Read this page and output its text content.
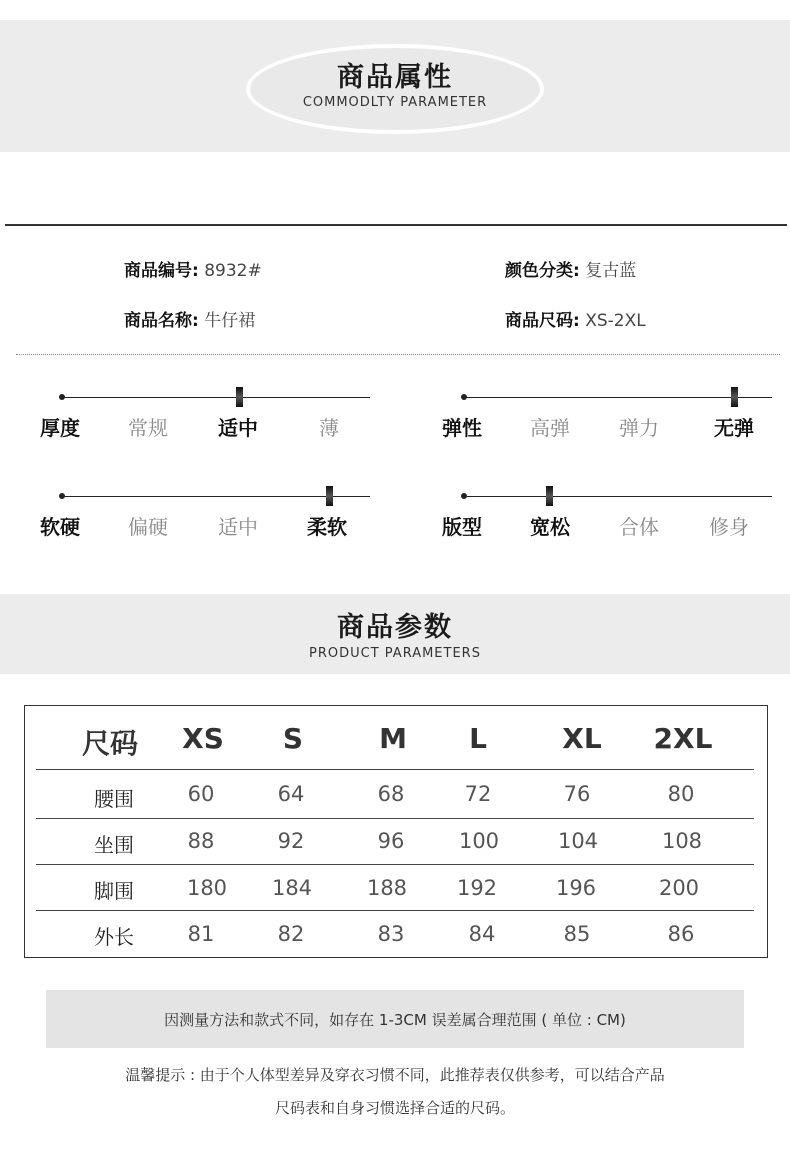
商品属性
COMMODLTY PARAMETER
商品编号: 8932#	颜色分类: 复古蓝
商品名称: 牛仔裙	商品尺码: XS-2XL
厚度	常规	适中	薄	弹性	高弹	弹力	无弹
软硬	偏硬	适中	柔软	版型	宽松	合体	修身
商品参数
PRODUCT PARAMETERS
尺码	XS	S	M	L	XL	2XL
腰围	60	64	68	72	76	80
坐围	88	92	96	100	104	108
脚围	180	184	188	192	196	200
外长	81	82	83	84	85	86
因测量方法和款式不同，如存在 1-3CM 误差属合理范围 ( 单位 : CM)
温馨提示 : 由于个人体型差异及穿衣习惯不同，此推荐表仅供参考，可以结合产品
尺码表和自身习惯选择合适的尺码。
